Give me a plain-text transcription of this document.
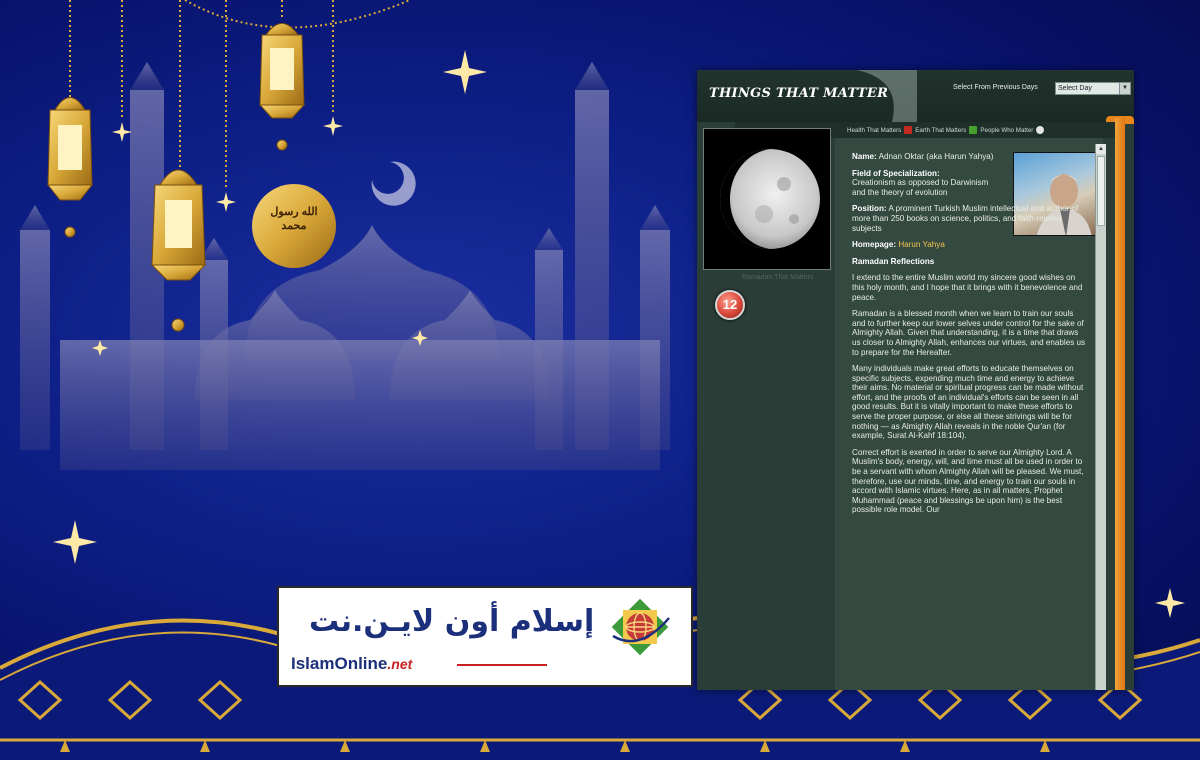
الله رسول محمد
THINGS THAT MATTER	Select From Previous Days	Select Day	▼
Health That Matters Earth That Matters People Who Matter
Ramadan That Matters
12
▲

Name: Adnan Oktar (aka Harun Yahya)

Field of Specialization:
Creationism as opposed to Darwinism and the theory of evolution

Position: A prominent Turkish Muslim intellectual and author of more than 250 books on science, politics, and faith-related subjects

Homepage: Harun Yahya

Ramadan Reflections

I extend to the entire Muslim world my sincere good wishes on this holy month, and I hope that it brings with it benevolence and peace.

Ramadan is a blessed month when we learn to train our souls and to further keep our lower selves under control for the sake of Almighty Allah. Given that understanding, it is a time that draws us closer to Almighty Allah, enhances our virtues, and enables us to prepare for the Hereafter.

Many individuals make great efforts to educate themselves on specific subjects, expending much time and energy to achieve their aims. No material or spiritual progress can be made without effort, and the proofs of an individual's efforts can be seen in all good results. But it is vitally important to make these efforts to serve the proper purpose, or else all these strivings will be for nothing — as Almighty Allah reveals in the noble Qur'an (for example, Surat Al-Kahf 18:104).

Correct effort is exerted in order to serve our Almighty Lord. A Muslim's body, energy, will, and time must all be used in order to be a servant with whom Almighty Allah will be pleased. We must, therefore, use our minds, time, and energy to train our souls in accord with Islamic virtues. Here, as in all matters, Prophet Muhammad (peace and blessings be upon him) is the best possible role model. Our

إسلام أون لايـن.نت
IslamOnline.net
